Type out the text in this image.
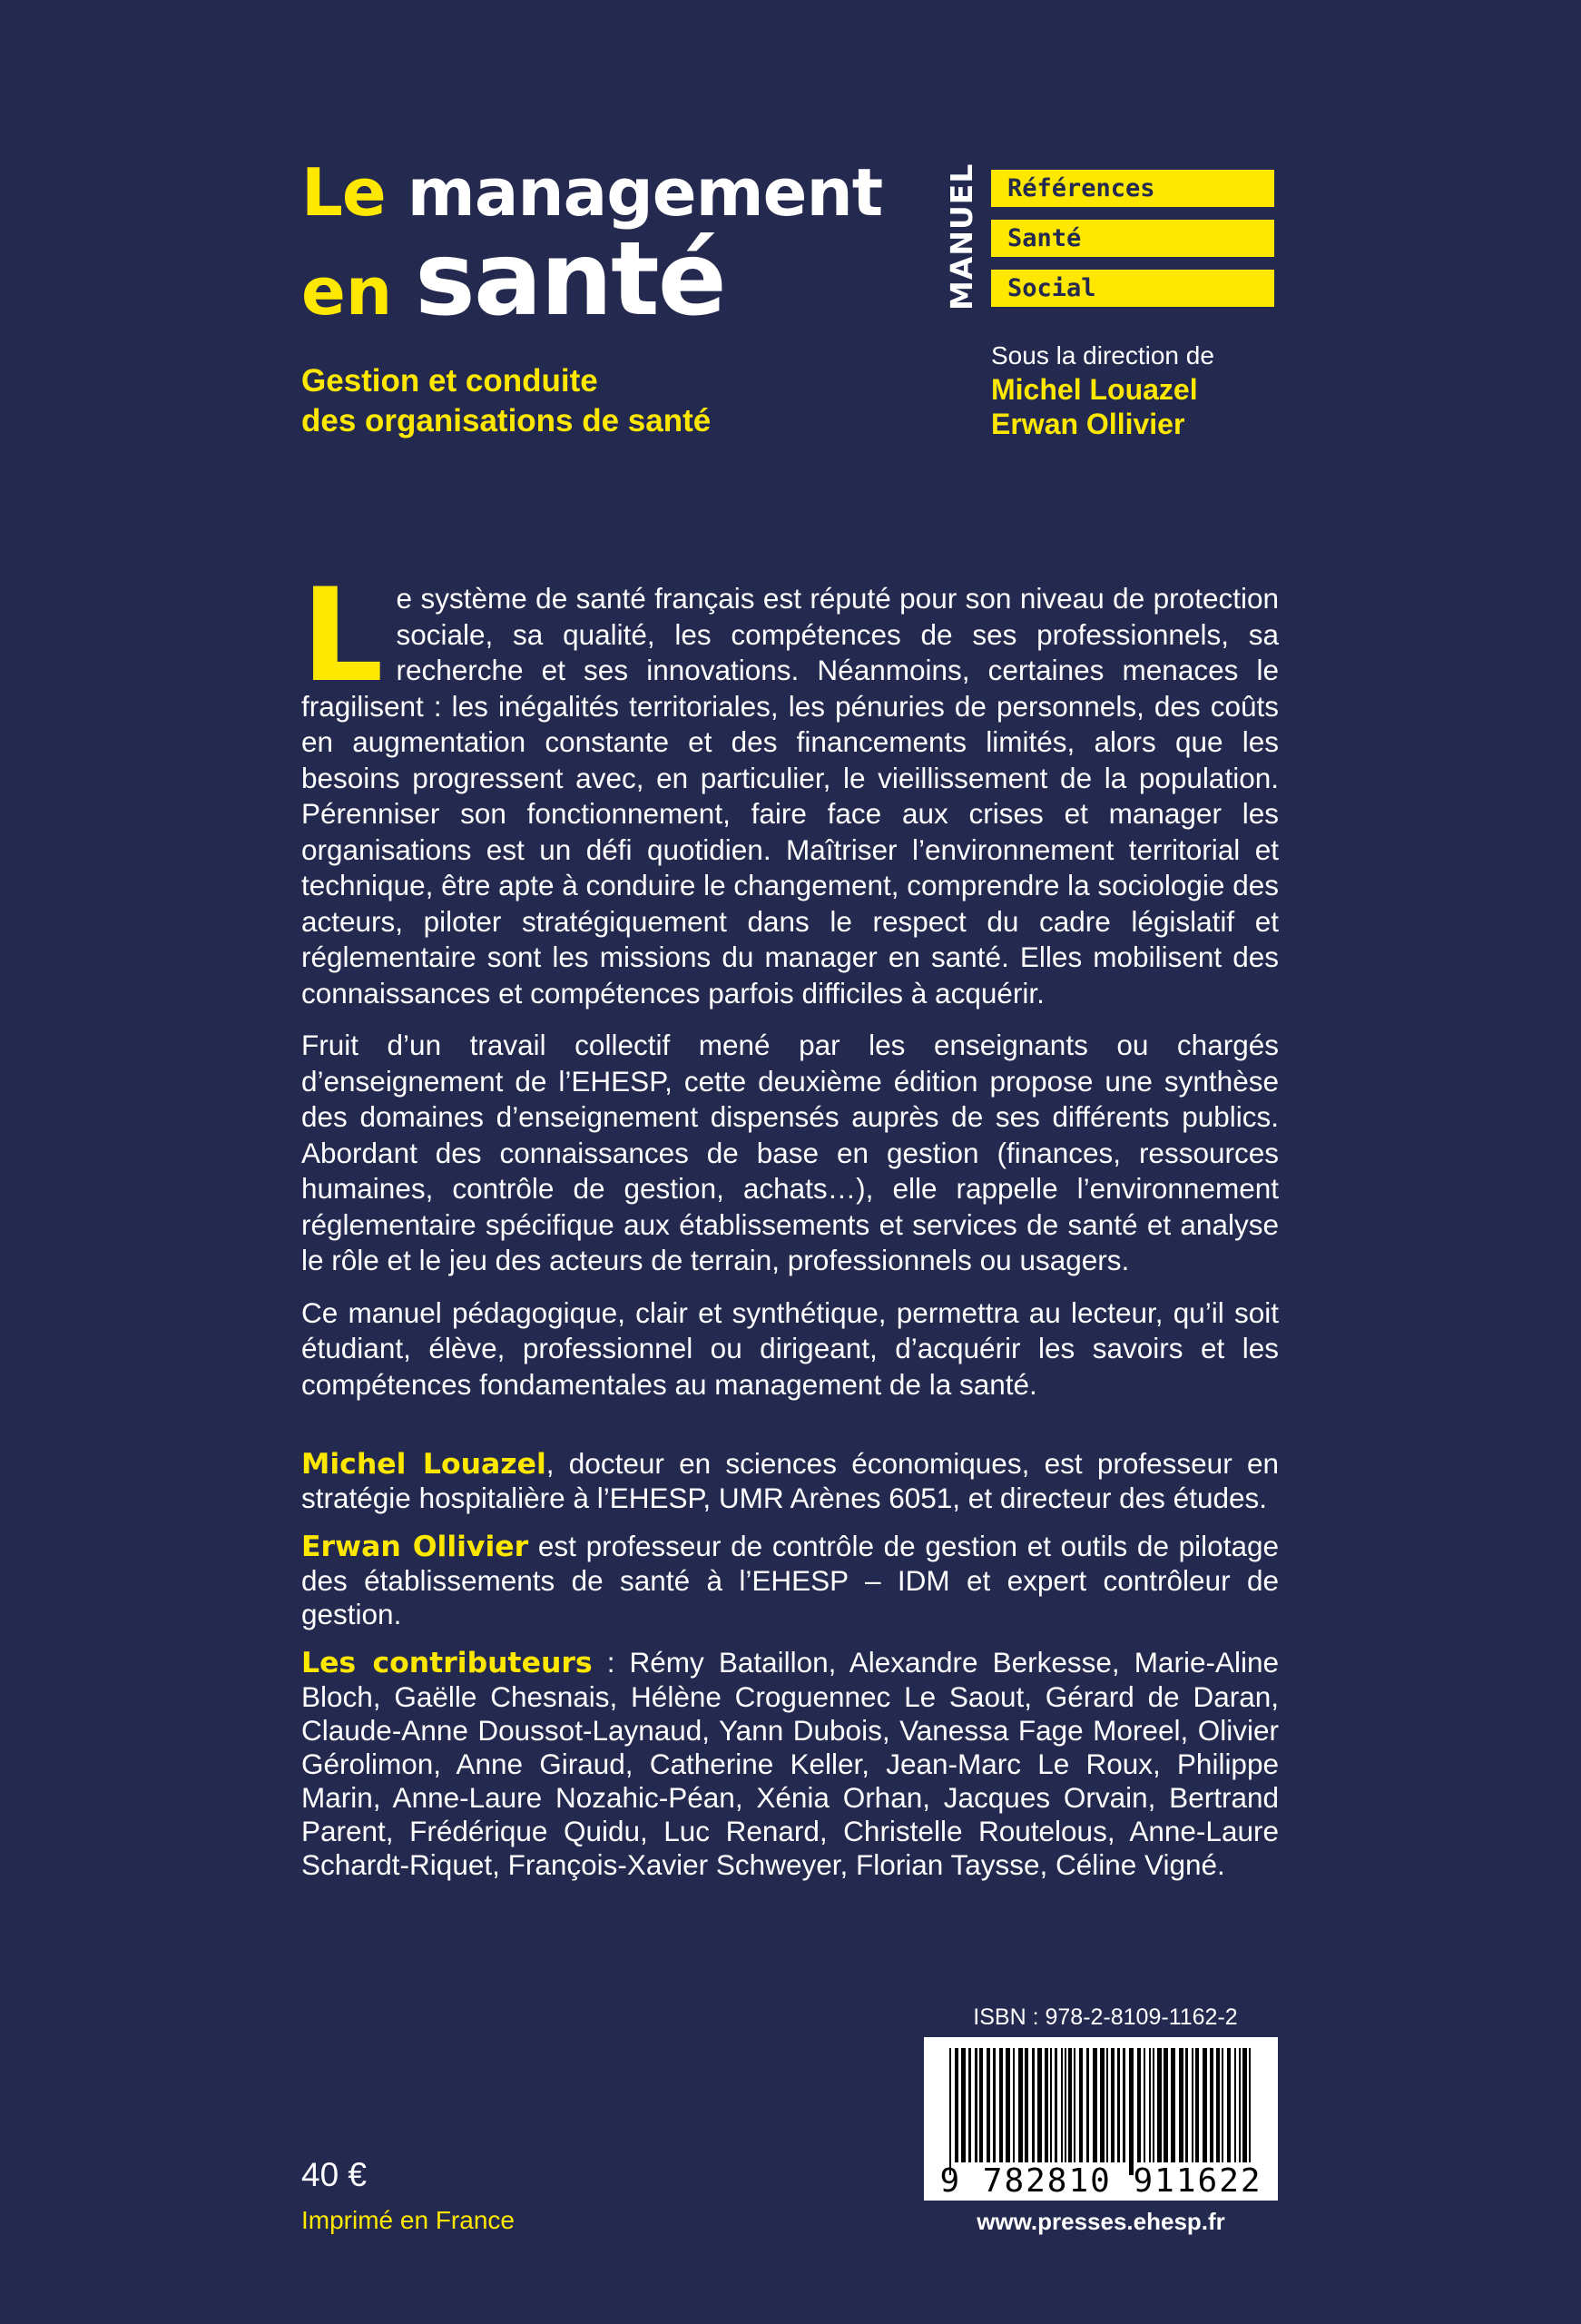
Le management
en santé
Gestion et conduite
des organisations de santé
MANUEL	Références
Santé
Social
Sous la direction de
Michel Louazel
Erwan Ollivier

Le système de santé français est réputé pour son niveau de protection sociale, sa qualité, les compétences de ses professionnels, sa recherche et ses innovations. Néanmoins, certaines menaces le fragilisent : les inégalités territoriales, les pénuries de personnels, des coûts en augmentation constante et des financements limités, alors que les besoins progressent avec, en particulier, le vieillissement de la population. Pérenniser son fonctionnement, faire face aux crises et manager les organisations est un défi quotidien. Maîtriser l’environnement territorial et technique, être apte à conduire le changement, comprendre la sociologie des acteurs, piloter stratégiquement dans le respect du cadre législatif et réglementaire sont les missions du manager en santé. Elles mobilisent des connaissances et compétences parfois difficiles à acquérir.

Fruit d’un travail collectif mené par les enseignants ou chargés d’enseignement de l’EHESP, cette deuxième édition propose une synthèse des domaines d’enseignement dispensés auprès de ses différents publics. Abordant des connaissances de base en gestion (finances, ressources humaines, contrôle de gestion, achats…), elle rappelle l’environnement réglementaire spécifique aux établissements et services de santé et analyse le rôle et le jeu des acteurs de terrain, professionnels ou usagers.

Ce manuel pédagogique, clair et synthétique, permettra au lecteur, qu’il soit étudiant, élève, professionnel ou dirigeant, d’acquérir les savoirs et les compétences fondamentales au management de la santé.

Michel Louazel, docteur en sciences économiques, est professeur en stratégie hospitalière à l’EHESP, UMR Arènes 6051, et directeur des études.

Erwan Ollivier est professeur de contrôle de gestion et outils de pilotage des établissements de santé à l’EHESP – IDM et expert contrôleur de gestion.

Les contributeurs : Rémy Bataillon, Alexandre Berkesse, Marie-Aline Bloch, Gaëlle Chesnais, Hélène Croguennec Le Saout, Gérard de Daran, Claude-Anne Doussot-Laynaud, Yann Dubois, Vanessa Fage Moreel, Olivier Gérolimon, Anne Giraud, Catherine Keller, Jean-Marc Le Roux, Philippe Marin, Anne-Laure Nozahic-Péan, Xénia Orhan, Jacques Orvain, Bertrand Parent, Frédérique Quidu, Luc Renard, Christelle Routelous, Anne-Laure Schardt-Riquet, François-Xavier Schweyer, Florian Taysse, Céline Vigné.

ISBN : 978-2-8109-1162-2
9 782810 911622
www.presses.ehesp.fr
40 €
Imprimé en France
